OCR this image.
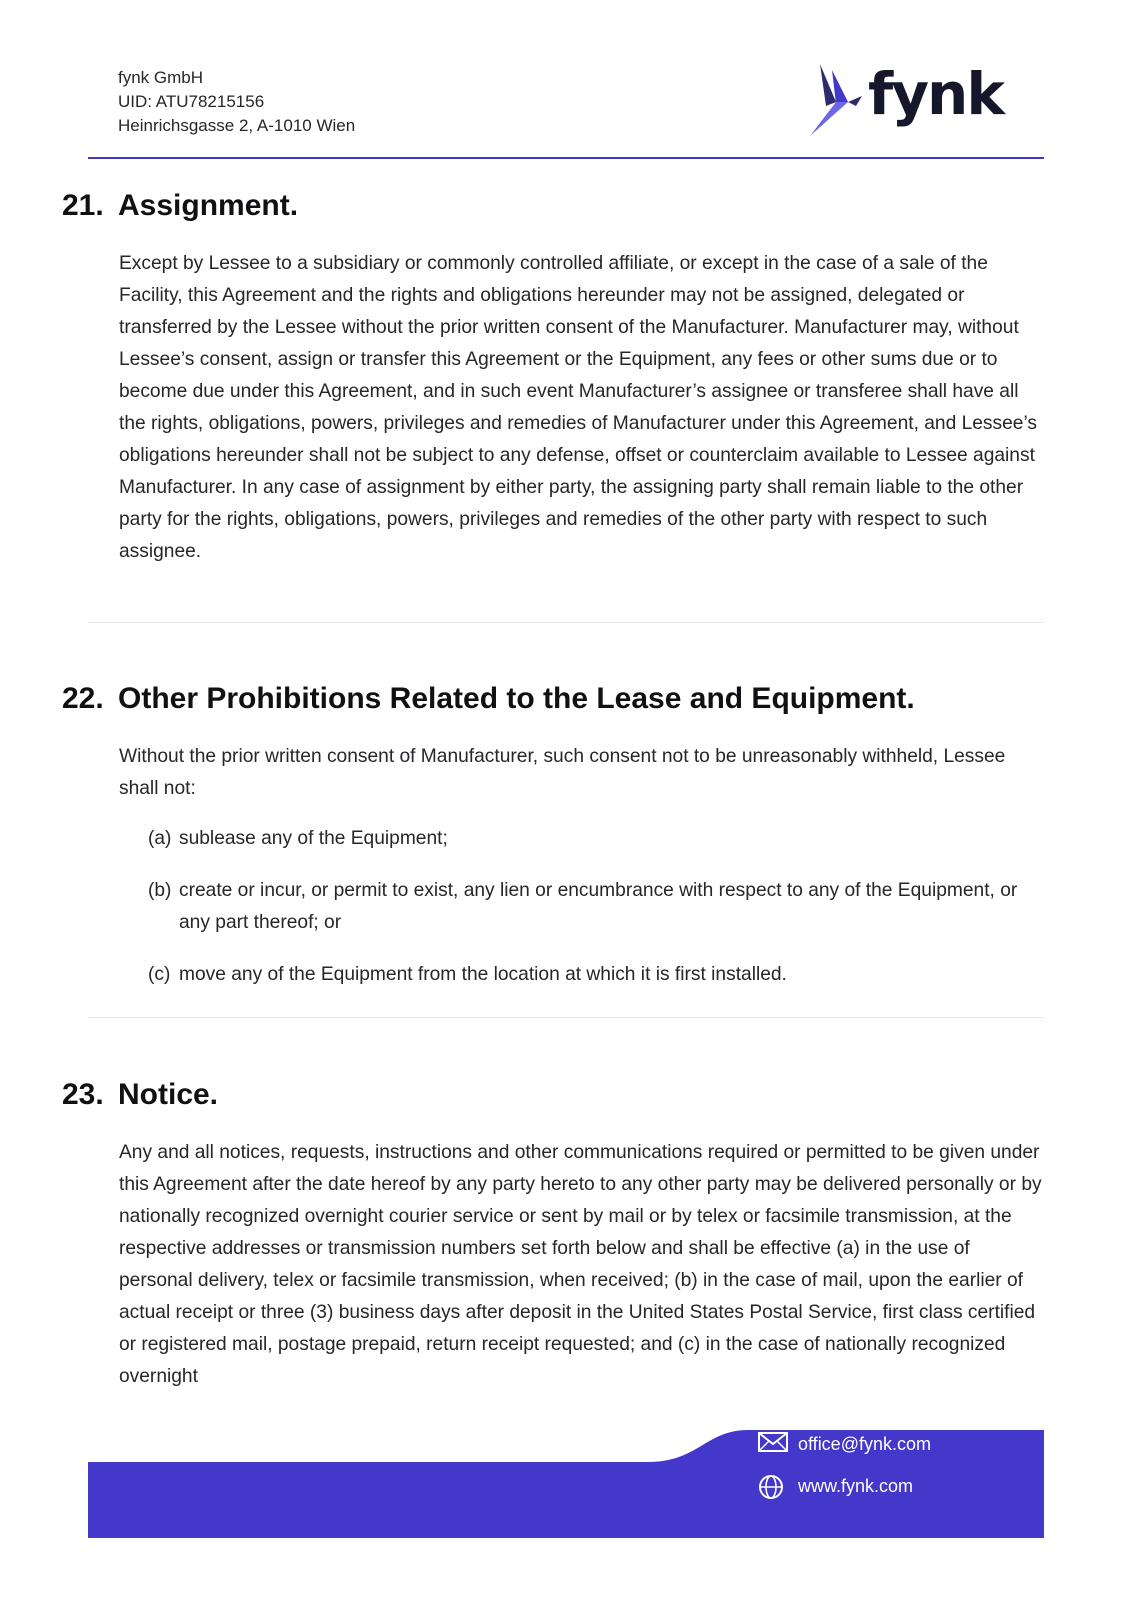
fynk GmbH
UID: ATU78215156
Heinrichsgasse 2, A-1010 Wien	fynk
21. Assignment.

Except by Lessee to a subsidiary or commonly controlled affiliate, or except in the case of a sale of the Facility, this Agreement and the rights and obligations hereunder may not be assigned, delegated or transferred by the Lessee without the prior written consent of the Manufacturer. Manufacturer may, without Lessee’s consent, assign or transfer this Agreement or the Equipment, any fees or other sums due or to become due under this Agreement, and in such event Manufacturer’s assignee or transferee shall have all the rights, obligations, powers, privileges and remedies of Manufacturer under this Agreement, and Lessee’s obligations hereunder shall not be subject to any defense, offset or counterclaim available to Lessee against Manufacturer. In any case of assignment by either party, the assigning party shall remain liable to the other party for the rights, obligations, powers, privileges and remedies of the other party with respect to such assignee.

22. Other Prohibitions Related to the Lease and Equipment.

Without the prior written consent of Manufacturer, such consent not to be unreasonably withheld, Lessee shall not:

(a) sublease any of the Equipment;
(b) create or incur, or permit to exist, any lien or encumbrance with respect to any of the Equipment, or any part thereof; or
(c) move any of the Equipment from the location at which it is first installed.
23. Notice.

Any and all notices, requests, instructions and other communications required or permitted to be given under this Agreement after the date hereof by any party hereto to any other party may be delivered personally or by nationally recognized overnight courier service or sent by mail or by telex or facsimile transmission, at the respective addresses or transmission numbers set forth below and shall be effective (a) in the use of personal delivery, telex or facsimile transmission, when received; (b) in the case of mail, upon the earlier of actual receipt or three (3) business days after deposit in the United States Postal Service, first class certified or registered mail, postage prepaid, return receipt requested; and (c) in the case of nationally recognized overnight

office@fynk.com
www.fynk.com
